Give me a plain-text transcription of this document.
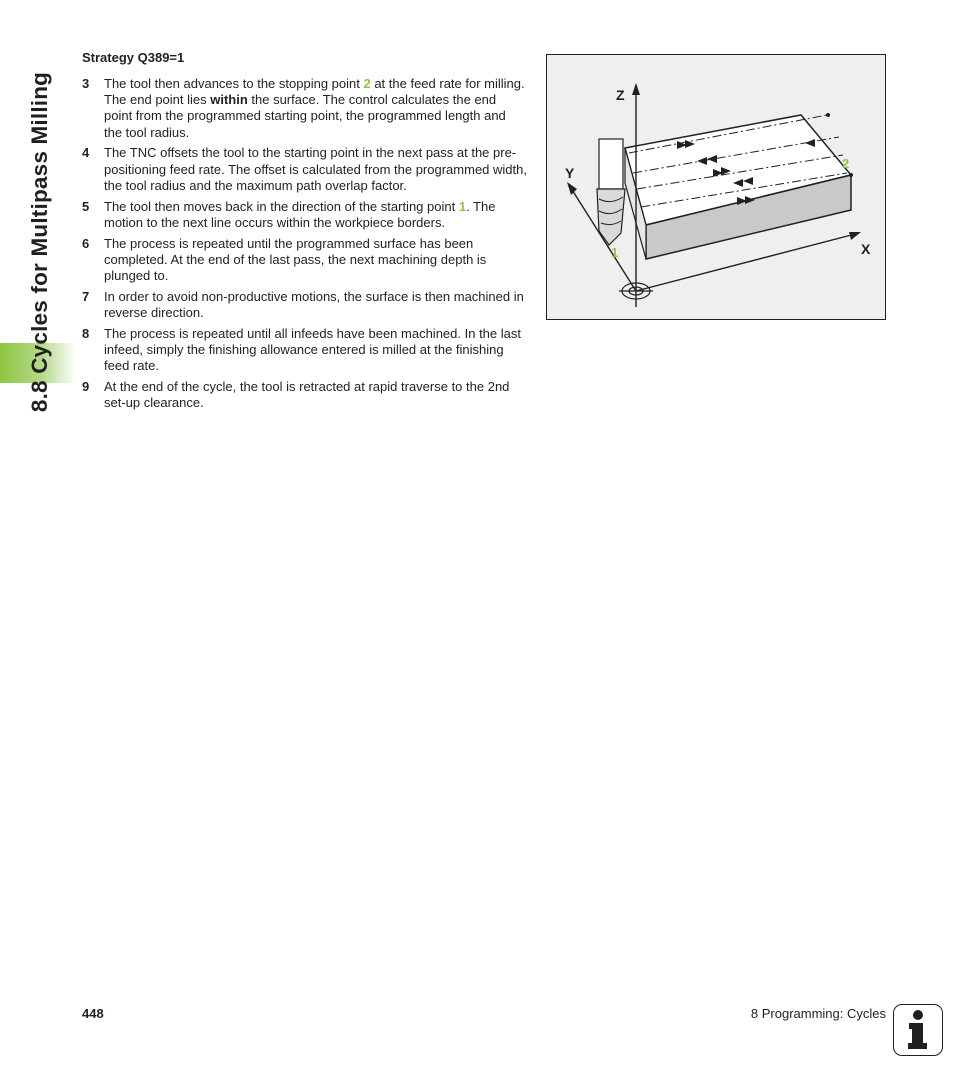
8.8 Cycles for Multipass Milling
Strategy Q389=1
3 The tool then advances to the stopping point 2 at the feed rate for milling. The end point lies within the surface. The control calculates the end point from the programmed starting point, the programmed length and the tool radius.
4 The TNC offsets the tool to the starting point in the next pass at the pre-positioning feed rate. The offset is calculated from the programmed width, the tool radius and the maximum path overlap factor.
5 The tool then moves back in the direction of the starting point 1. The motion to the next line occurs within the workpiece borders.
6 The process is repeated until the programmed surface has been completed. At the end of the last pass, the next machining depth is plunged to.
7 In order to avoid non-productive motions, the surface is then machined in reverse direction.
8 The process is repeated until all infeeds have been machined. In the last infeed, simply the finishing allowance entered is milled at the finishing feed rate.
9 At the end of the cycle, the tool is retracted at rapid traverse to the 2nd set-up clearance.
Z
Y
X
1
2
448	8 Programming: Cycles
